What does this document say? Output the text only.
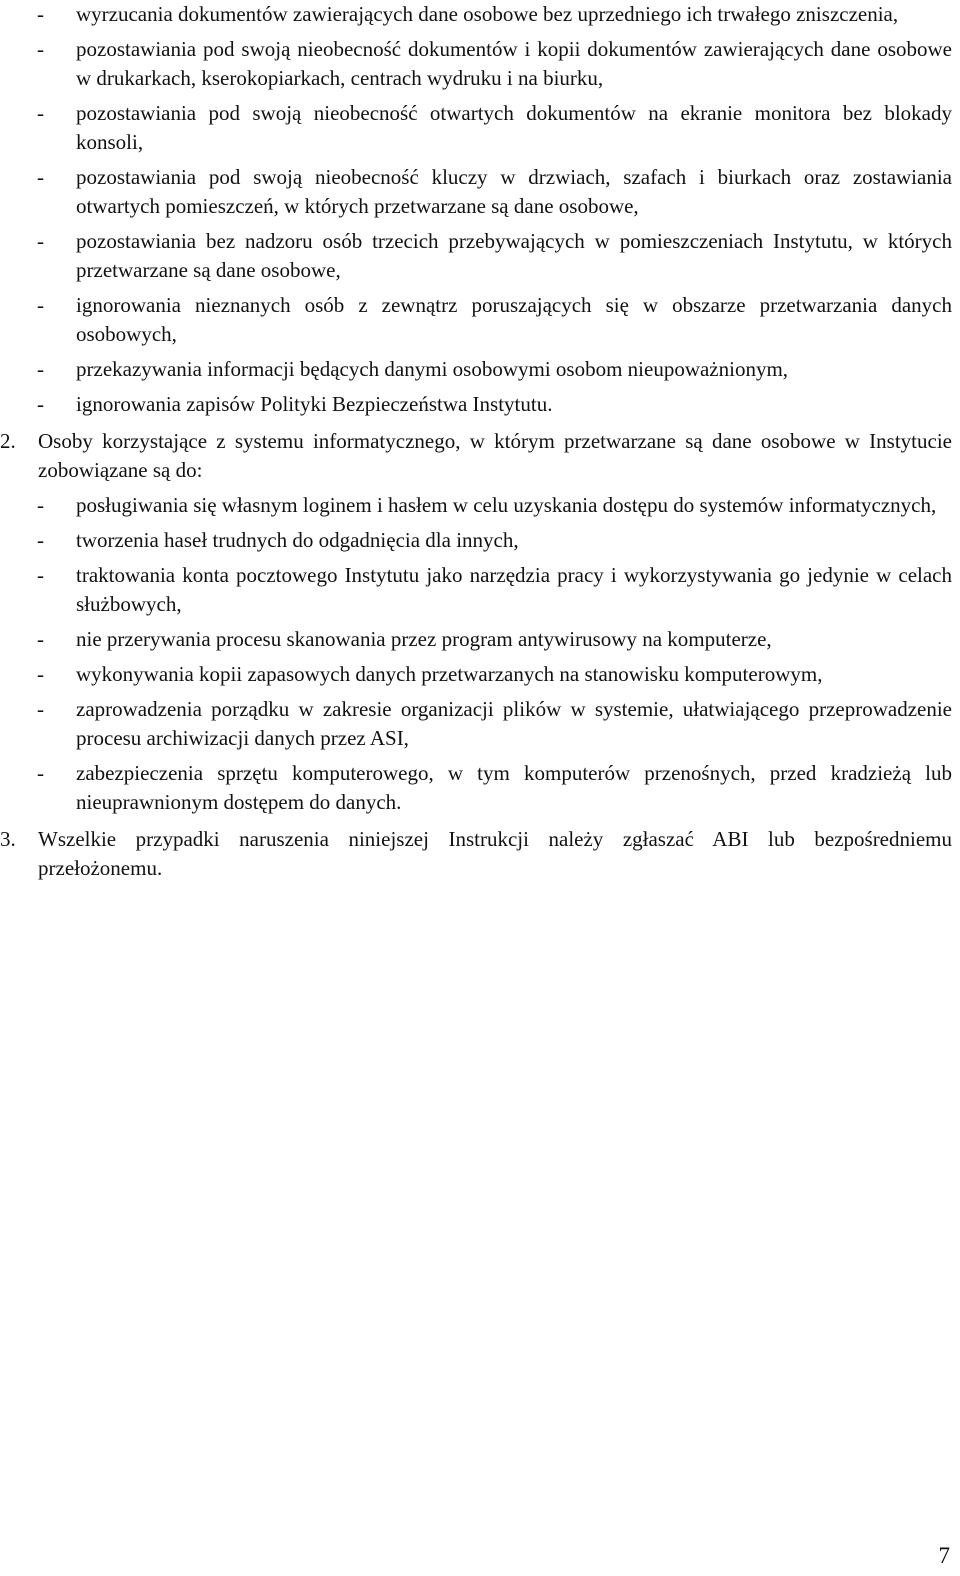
- wyrzucania dokumentów zawierających dane osobowe bez uprzedniego ich trwałego zniszczenia,
- pozostawiania pod swoją nieobecność dokumentów i kopii dokumentów zawierających dane osobowe w drukarkach, kserokopiarkach, centrach wydruku i na biurku,
- pozostawiania pod swoją nieobecność otwartych dokumentów na ekranie monitora bez blokady konsoli,
- pozostawiania pod swoją nieobecność kluczy w drzwiach, szafach i biurkach oraz zostawiania otwartych pomieszczeń, w których przetwarzane są dane osobowe,
- pozostawiania bez nadzoru osób trzecich przebywających w pomieszczeniach Instytutu, w których przetwarzane są dane osobowe,
- ignorowania nieznanych osób z zewnątrz poruszających się w obszarze przetwarzania danych osobowych,
- przekazywania informacji będących danymi osobowymi osobom nieupoważnionym,
- ignorowania zapisów Polityki Bezpieczeństwa Instytutu.
2. Osoby korzystające z systemu informatycznego, w którym przetwarzane są dane osobowe w Instytucie zobowiązane są do:
- posługiwania się własnym loginem i hasłem w celu uzyskania dostępu do systemów informatycznych,
- tworzenia haseł trudnych do odgadnięcia dla innych,
- traktowania konta pocztowego Instytutu jako narzędzia pracy i wykorzystywania go jedynie w celach służbowych,
- nie przerywania procesu skanowania przez program antywirusowy na komputerze,
- wykonywania kopii zapasowych danych przetwarzanych na stanowisku komputerowym,
- zaprowadzenia porządku w zakresie organizacji plików w systemie, ułatwiającego przeprowadzenie procesu archiwizacji danych przez ASI,
- zabezpieczenia sprzętu komputerowego, w tym komputerów przenośnych, przed kradzieżą lub nieuprawnionym dostępem do danych.
3. Wszelkie przypadki naruszenia niniejszej Instrukcji należy zgłaszać ABI lub bezpośredniemu przełożonemu.
7
